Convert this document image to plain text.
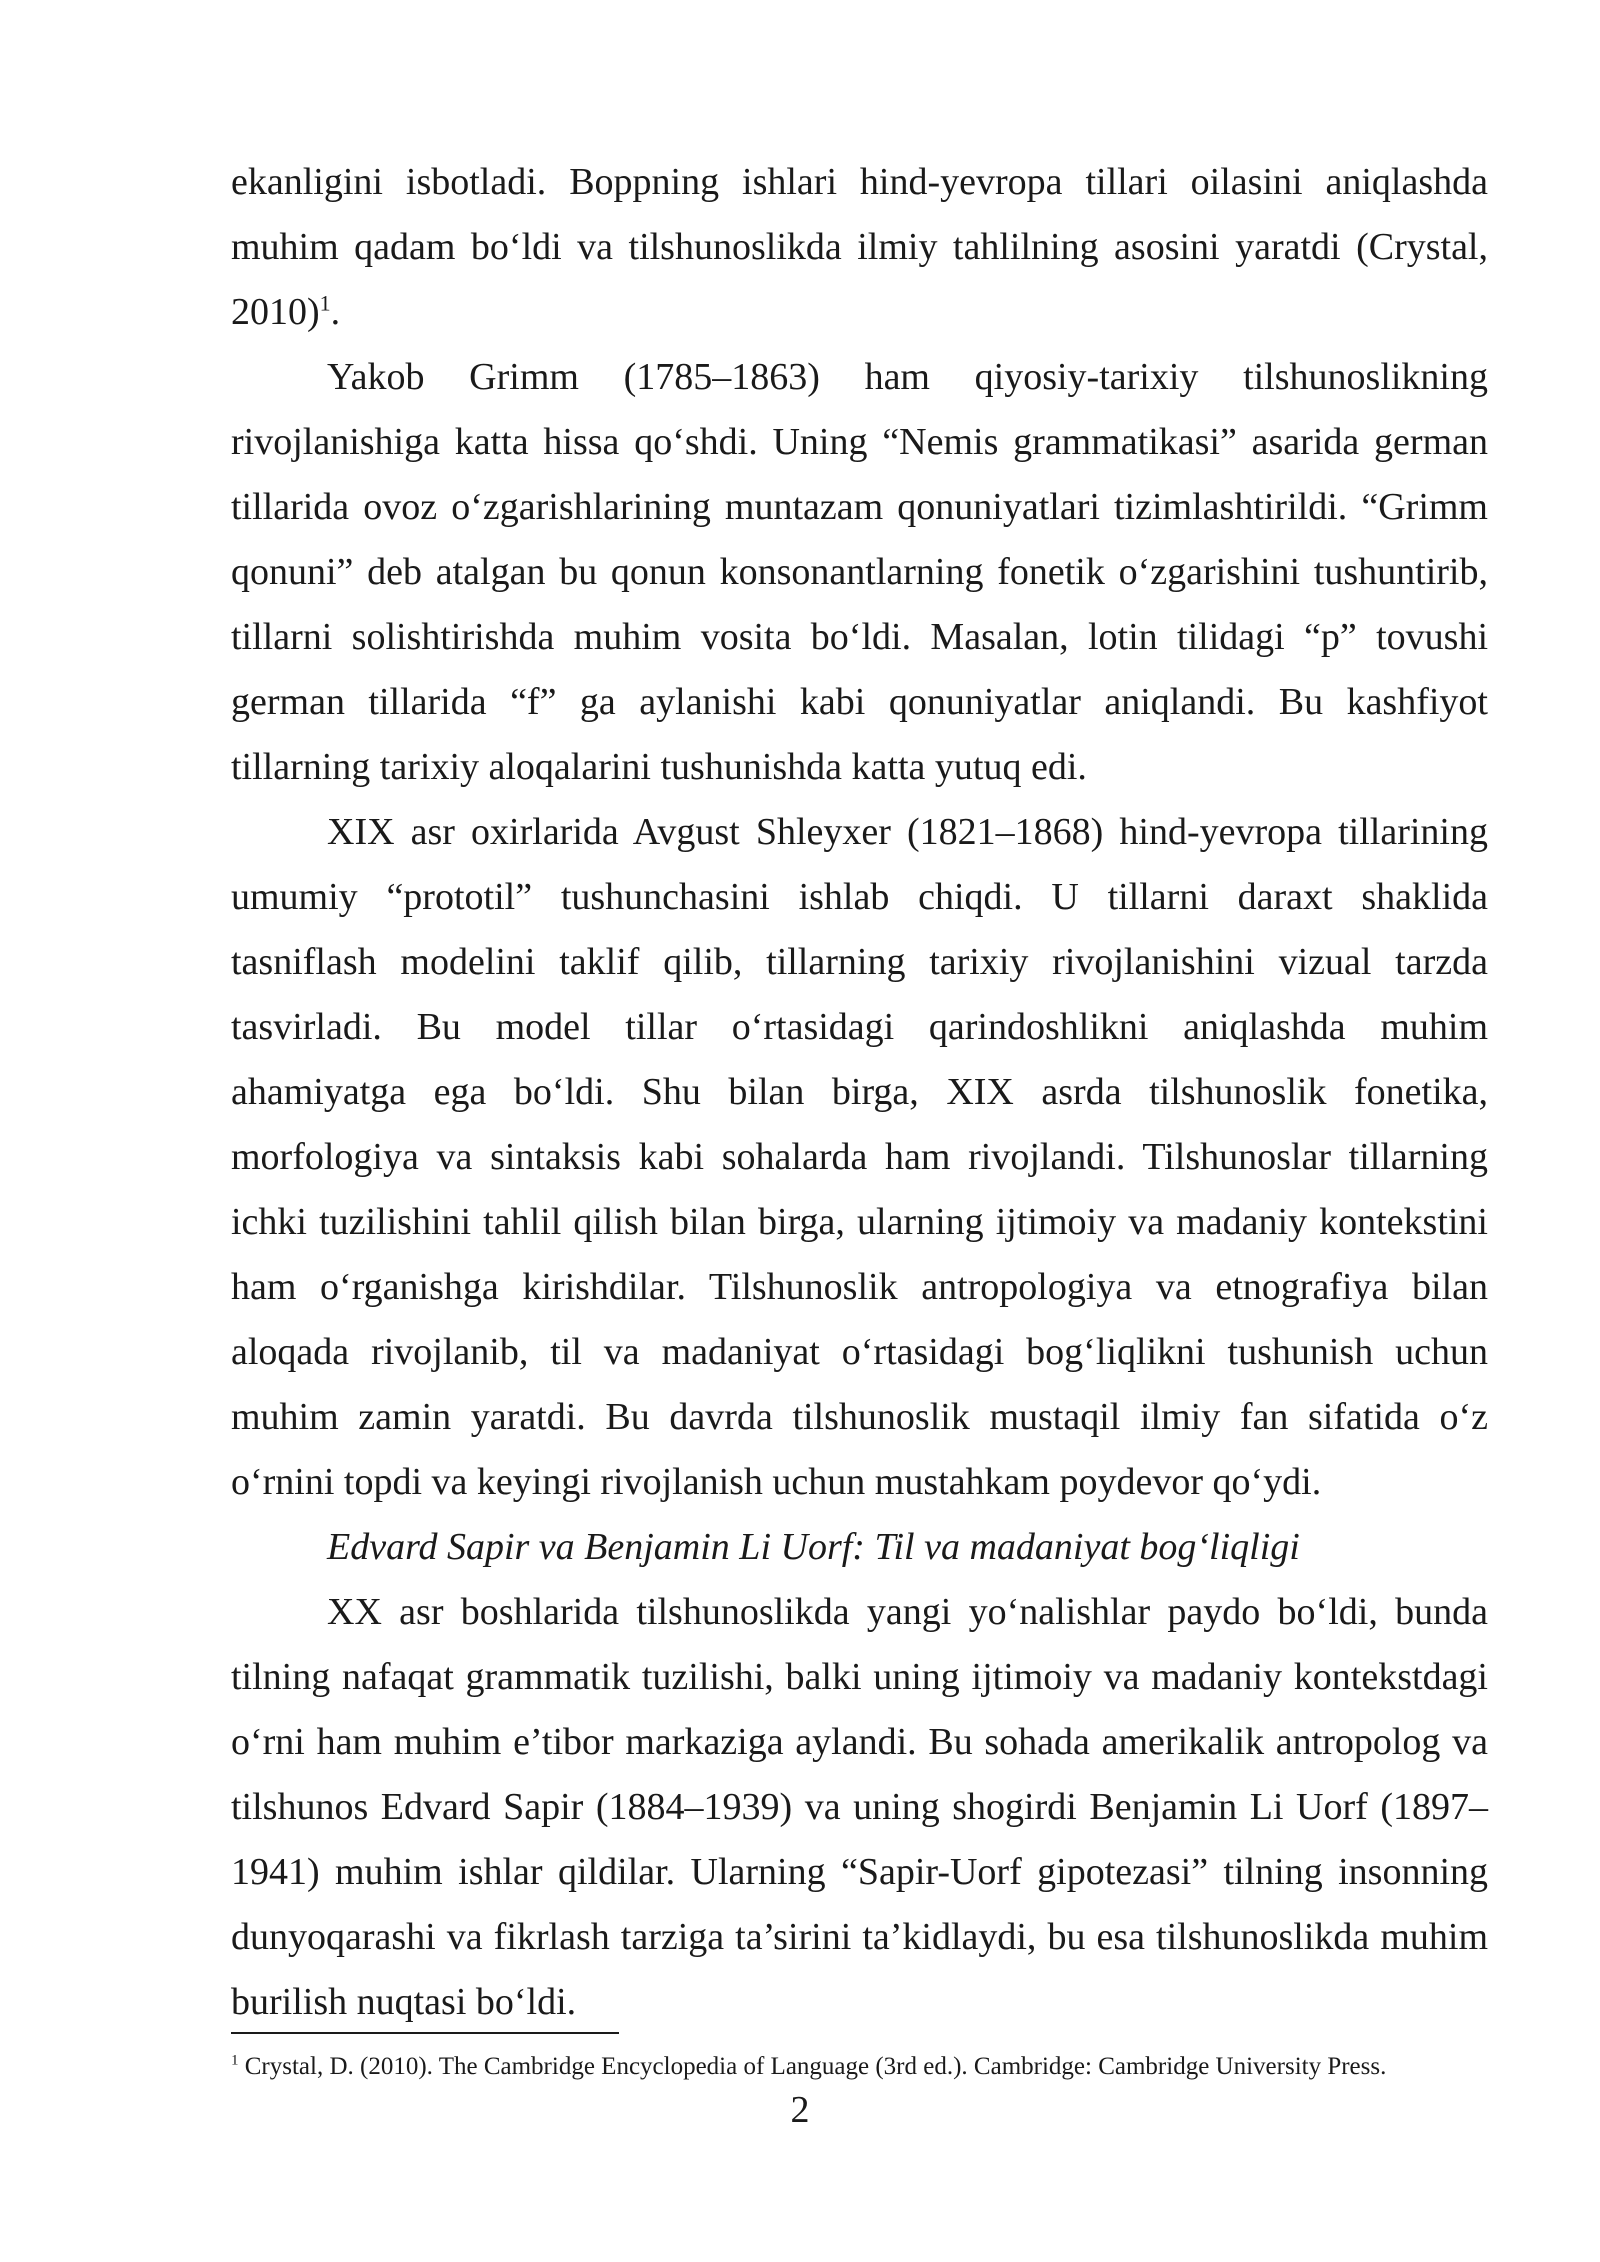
ekanligini isbotladi. Boppning ishlari hind-yevropa tillari oilasini aniqlashda muhim qadam bo‘ldi va tilshunoslikda ilmiy tahlilning asosini yaratdi (Crystal, 2010)$^1$.

Yakob Grimm (1785–1863) ham qiyosiy-tarixiy tilshunoslikning rivojlanishiga katta hissa qo‘shdi. Uning “Nemis grammatikasi” asarida german tillarida ovoz o‘zgarishlarining muntazam qonuniyatlari tizimlashtirildi. “Grimm qonuni” deb atalgan bu qonun konsonantlarning fonetik o‘zgarishini tushuntirib, tillarni solishtirishda muhim vosita bo‘ldi. Masalan, lotin tilidagi “p” tovushi german tillarida “f” ga aylanishi kabi qonuniyatlar aniqlandi. Bu kashfiyot tillarning tarixiy aloqalarini tushunishda katta yutuq edi.

XIX asr oxirlarida Avgust Shleyxer (1821–1868) hind-yevropa tillarining umumiy “prototil” tushunchasini ishlab chiqdi. U tillarni daraxt shaklida tasniflash modelini taklif qilib, tillarning tarixiy rivojlanishini vizual tarzda tasvirladi. Bu model tillar o‘rtasidagi qarindoshlikni aniqlashda muhim ahamiyatga ega bo‘ldi. Shu bilan birga, XIX asrda tilshunoslik fonetika, morfologiya va sintaksis kabi sohalarda ham rivojlandi. Tilshunoslar tillarning ichki tuzilishini tahlil qilish bilan birga, ularning ijtimoiy va madaniy kontekstini ham o‘rganishga kirishdilar. Tilshunoslik antropologiya va etnografiya bilan aloqada rivojlanib, til va madaniyat o‘rtasidagi bog‘liqlikni tushunish uchun muhim zamin yaratdi. Bu davrda tilshunoslik mustaqil ilmiy fan sifatida o‘z o‘rnini topdi va keyingi rivojlanish uchun mustahkam poydevor qo‘ydi.

Edvard Sapir va Benjamin Li Uorf: Til va madaniyat bog‘liqligi

XX asr boshlarida tilshunoslikda yangi yo‘nalishlar paydo bo‘ldi, bunda tilning nafaqat grammatik tuzilishi, balki uning ijtimoiy va madaniy kontekstdagi o‘rni ham muhim e’tibor markaziga aylandi. Bu sohada amerikalik antropolog va tilshunos Edvard Sapir (1884–1939) va uning shogirdi Benjamin Li Uorf (1897–1941) muhim ishlar qildilar. Ularning “Sapir-Uorf gipotezasi” tilning insonning dunyoqarashi va fikrlash tarziga ta’sirini ta’kidlaydi, bu esa tilshunoslikda muhim burilish nuqtasi bo‘ldi.

$^1$ Crystal, D. (2010). The Cambridge Encyclopedia of Language (3rd ed.). Cambridge: Cambridge University Press.

2
